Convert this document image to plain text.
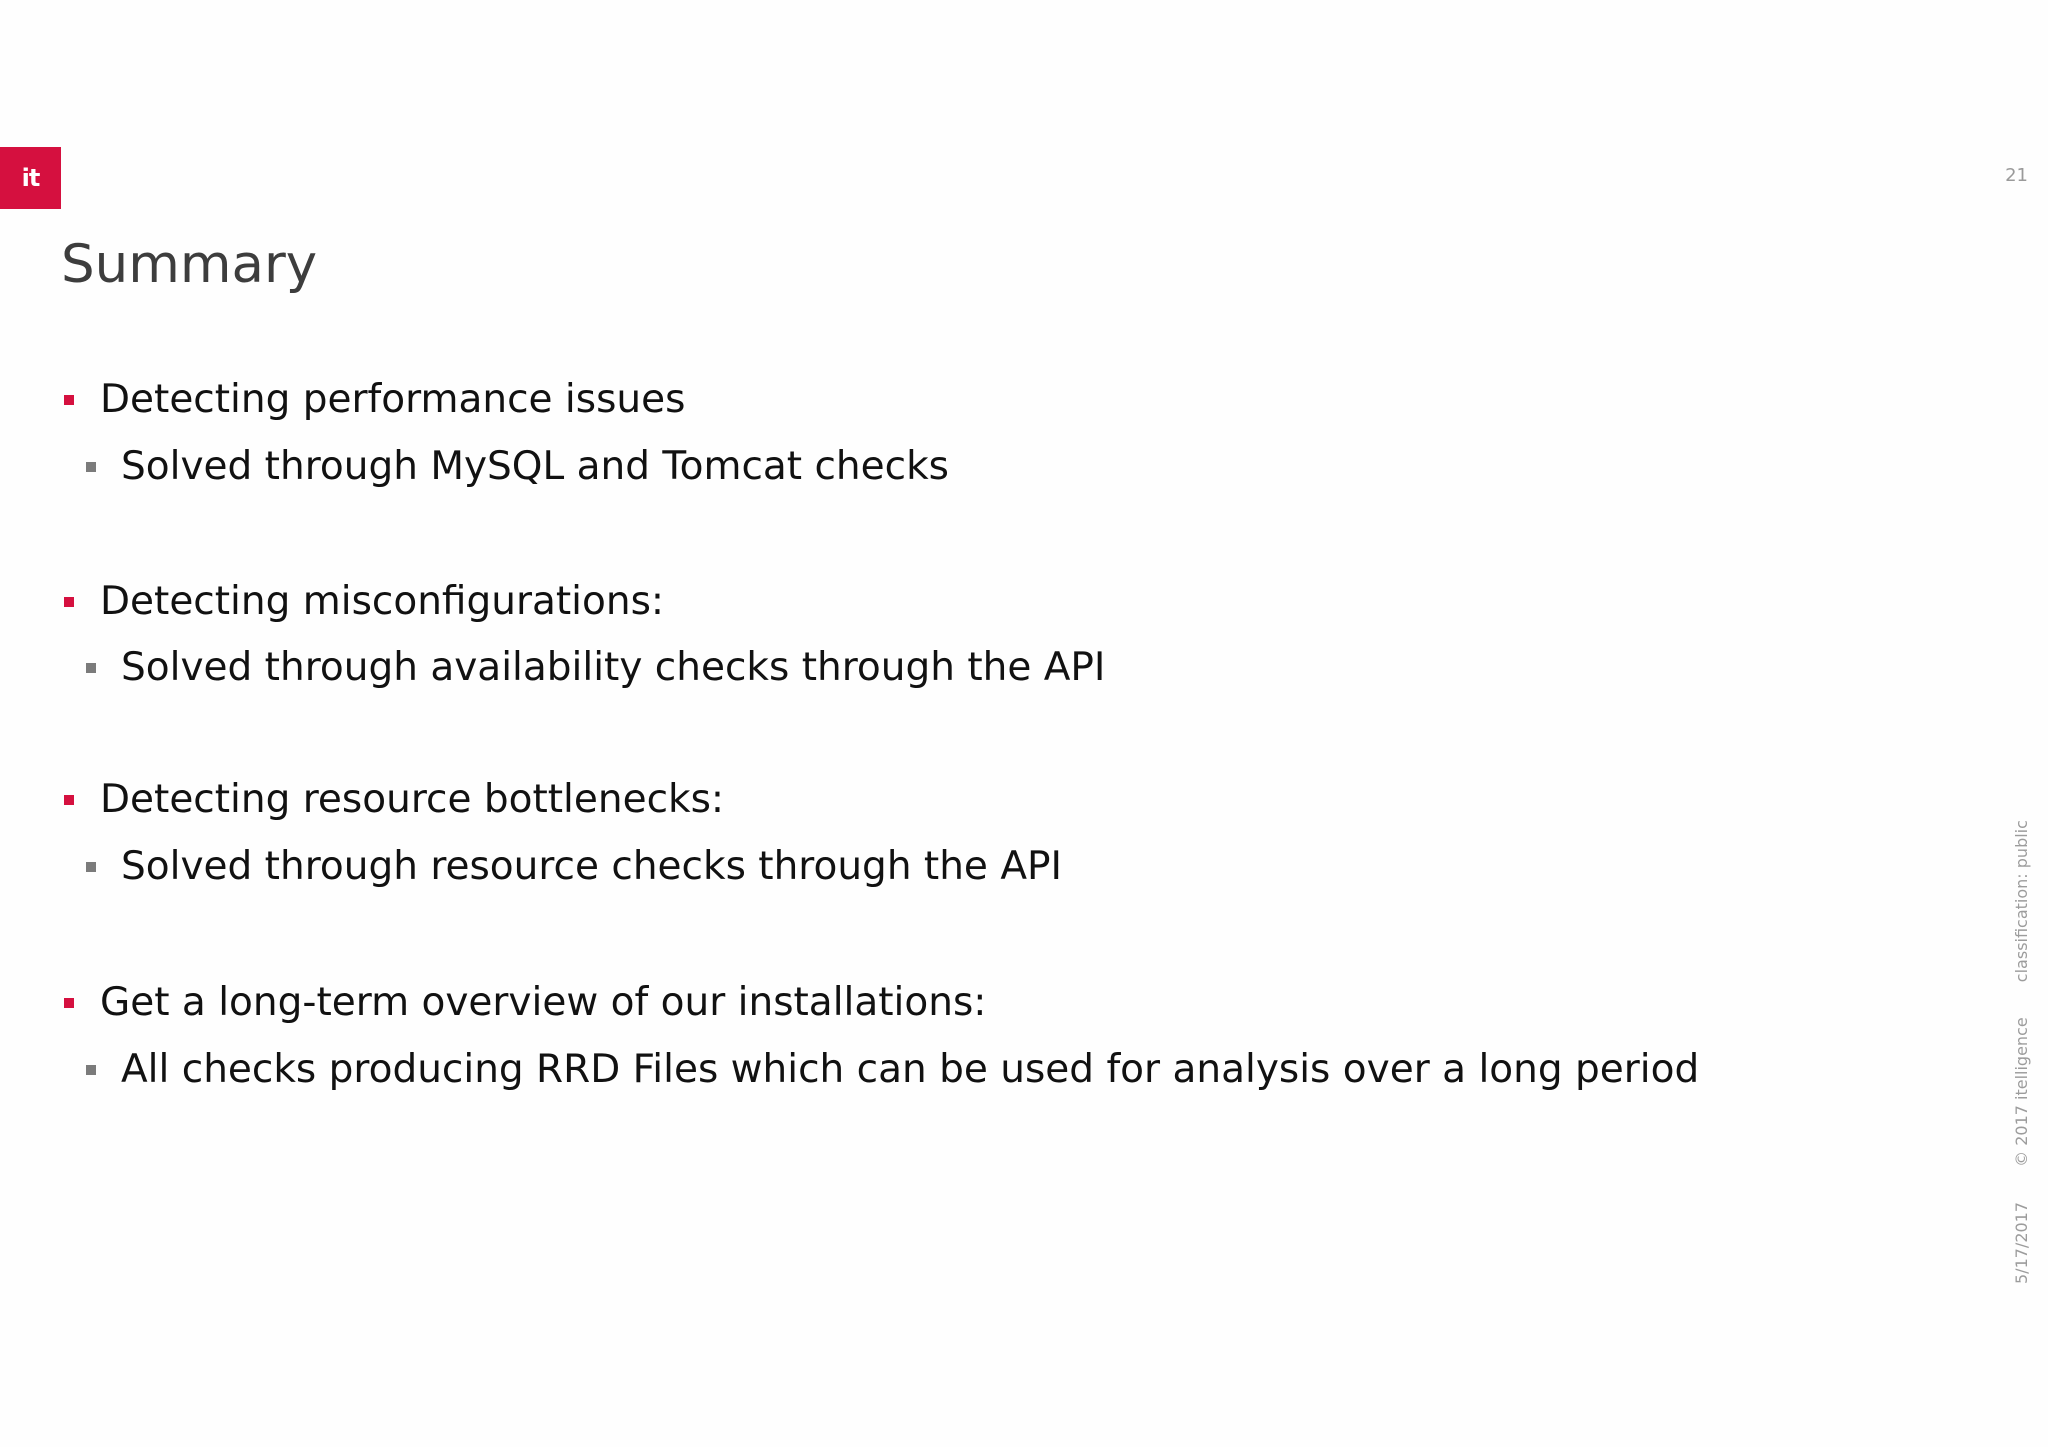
it	21
Summary
Detecting performance issues
Solved through MySQL and Tomcat checks
Detecting misconfigurations:
Solved through availability checks through the API
Detecting resource bottlenecks:
Solved through resource checks through the API
Get a long-term overview of our installations:
All checks producing RRD Files which can be used for analysis over a long period
5/17/2017 © 2017 itelligence classification: public
